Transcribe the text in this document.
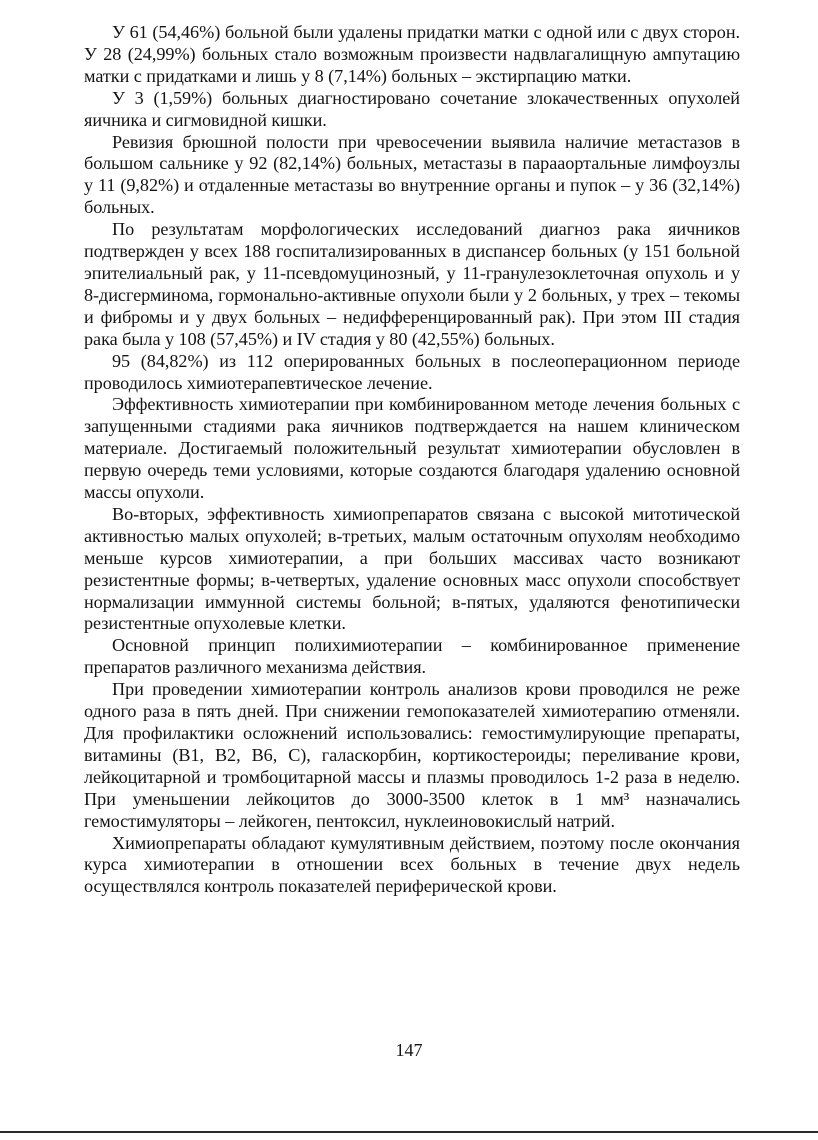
У 61 (54,46%) больной были удалены придатки матки с одной или с двух сторон. У 28 (24,99%) больных стало возможным произвести надвлагалищную ампутацию матки с придатками и лишь у 8 (7,14%) больных – экстирпацию матки.

У 3 (1,59%) больных диагностировано сочетание злокачественных опухолей яичника и сигмовидной кишки.

Ревизия брюшной полости при чревосечении выявила наличие метастазов в большом сальнике у 92 (82,14%) больных, метастазы в парааортальные лимфоузлы у 11 (9,82%) и отдаленные метастазы во внутренние органы и пупок – у 36 (32,14%) больных.

По результатам морфологических исследований диагноз рака яичников подтвержден у всех 188 госпитализированных в диспансер больных (у 151 больной эпителиальный рак, у 11-псевдомуцинозный, у 11-гранулезоклеточная опухоль и у 8-дисгерминома, гормонально-активные опухоли были у 2 больных, у трех – текомы и фибромы и у двух больных – недифференцированный рак). При этом III стадия рака была у 108 (57,45%) и IV стадия у 80 (42,55%) больных.

95 (84,82%) из 112 оперированных больных в послеоперационном периоде проводилось химиотерапевтическое лечение.

Эффективность химиотерапии при комбинированном методе лечения больных с запущенными стадиями рака яичников подтверждается на нашем клиническом материале. Достигаемый положительный результат химиотерапии обусловлен в первую очередь теми условиями, которые создаются благодаря удалению основной массы опухоли.

Во-вторых, эффективность химиопрепаратов связана с высокой митотической активностью малых опухолей; в-третьих, малым остаточным опухолям необходимо меньше курсов химиотерапии, а при больших массивах часто возникают резистентные формы; в-четвертых, удаление основных масс опухоли способствует нормализации иммунной системы больной; в-пятых, удаляются фенотипически резистентные опухолевые клетки.

Основной принцип полихимиотерапии – комбинированное применение препаратов различного механизма действия.

При проведении химиотерапии контроль анализов крови проводился не реже одного раза в пять дней. При снижении гемопоказателей химиотерапию отменяли. Для профилактики осложнений использовались: гемостимулирующие препараты, витамины (В1, В2, В6, С), галаскорбин, кортикостероиды; переливание крови, лейкоцитарной и тромбоцитарной массы и плазмы проводилось 1-2 раза в неделю. При уменьшении лейкоцитов до 3000-3500 клеток в 1 мм³ назначались гемостимуляторы – лейкоген, пентоксил, нуклеиновокислый натрий.

Химиопрепараты обладают кумулятивным действием, поэтому после окончания курса химиотерапии в отношении всех больных в течение двух недель осуществлялся контроль показателей периферической крови.

147
